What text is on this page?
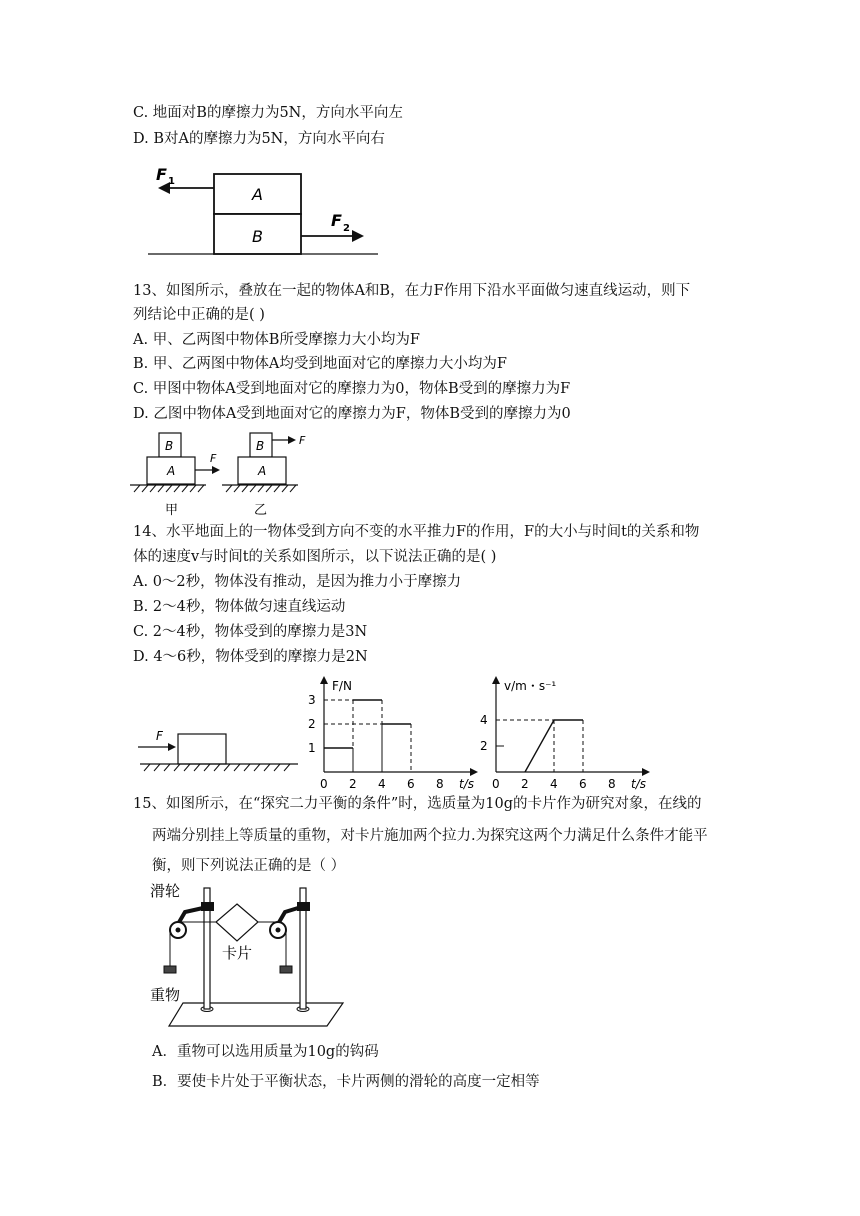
C. 地面对B的摩擦力为5N，方向水平向左
D. B对A的摩擦力为5N，方向水平向右
F 1
A
B
F 2
13、如图所示，叠放在一起的物体A和B，在力F作用下沿水平面做匀速直线运动，则下
列结论中正确的是( )
A. 甲、乙两图中物体B所受摩擦力大小均为F
B. 甲、乙两图中物体A均受到地面对它的摩擦力大小均为F
C. 甲图中物体A受到地面对它的摩擦力为0，物体B受到的摩擦力为F
D. 乙图中物体A受到地面对它的摩擦力为F，物体B受到的摩擦力为0
B
A
F
甲
B	F
A
乙
14、水平地面上的一物体受到方向不变的水平推力F的作用，F的大小与时间t的关系和物
体的速度v与时间t的关系如图所示，以下说法正确的是( )
A. 0～2秒，物体没有推动，是因为推力小于摩擦力
B. 2～4秒，物体做匀速直线运动
C. 2～4秒，物体受到的摩擦力是3N
D. 4～6秒，物体受到的摩擦力是2N
F
0 2 4 6 8
1
2
3
t/s
F/N
0 2 4 6 8
2
4
t/s
v/m・s⁻¹
15、如图所示，在“探究二力平衡的条件”时，选质量为10g的卡片作为研究对象，在线的
两端分别挂上等质量的重物，对卡片施加两个拉力.为探究这两个力满足什么条件才能平
衡，则下列说法正确的是（ ）
滑轮
卡片
重物
A．重物可以选用质量为10g的钩码
B．要使卡片处于平衡状态，卡片两侧的滑轮的高度一定相等
